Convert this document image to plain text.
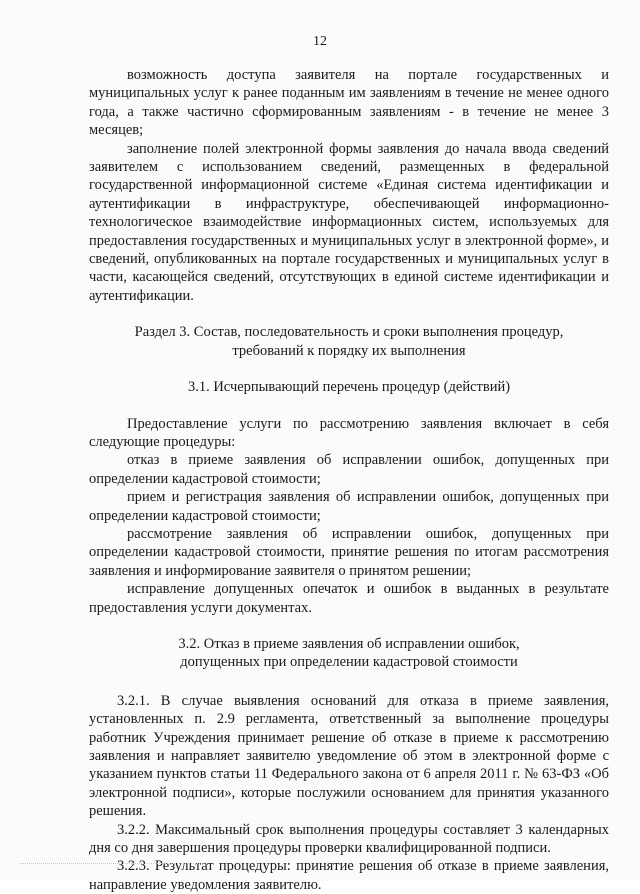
12

возможность доступа заявителя на портале государственных и муниципальных услуг к ранее поданным им заявлениям в течение не менее одного года, а также частично сформированным заявлениям - в течение не менее 3 месяцев;

заполнение полей электронной формы заявления до начала ввода сведений заявителем с использованием сведений, размещенных в федеральной государственной информационной системе «Единая система идентификации и аутентификации в инфраструктуре, обеспечивающей информационно-технологическое взаимодействие информационных систем, используемых для предоставления государственных и муниципальных услуг в электронной форме», и сведений, опубликованных на портале государственных и муниципальных услуг в части, касающейся сведений, отсутствующих в единой системе идентификации и аутентификации.

Раздел 3. Состав, последовательность и сроки выполнения процедур,
требований к порядку их выполнения

3.1. Исчерпывающий перечень процедур (действий)

Предоставление услуги по рассмотрению заявления включает в себя следующие процедуры:

отказ в приеме заявления об исправлении ошибок, допущенных при определении кадастровой стоимости;

прием и регистрация заявления об исправлении ошибок, допущенных при определении кадастровой стоимости;

рассмотрение заявления об исправлении ошибок, допущенных при определении кадастровой стоимости, принятие решения по итогам рассмотрения заявления и информирование заявителя о принятом решении;

исправление допущенных опечаток и ошибок в выданных в результате предоставления услуги документах.

3.2. Отказ в приеме заявления об исправлении ошибок,
допущенных при определении кадастровой стоимости

3.2.1. В случае выявления оснований для отказа в приеме заявления, установленных п. 2.9 регламента, ответственный за выполнение процедуры работник Учреждения принимает решение об отказе в приеме к рассмотрению заявления и направляет заявителю уведомление об этом в электронной форме с указанием пунктов статьи 11 Федерального закона от 6 апреля 2011 г. № 63-ФЗ «Об электронной подписи», которые послужили основанием для принятия указанного решения.

3.2.2. Максимальный срок выполнения процедуры составляет 3 календарных дня со дня завершения процедуры проверки квалифицированной подписи.

3.2.3. Результат процедуры: принятие решения об отказе в приеме заявления, направление уведомления заявителю.
